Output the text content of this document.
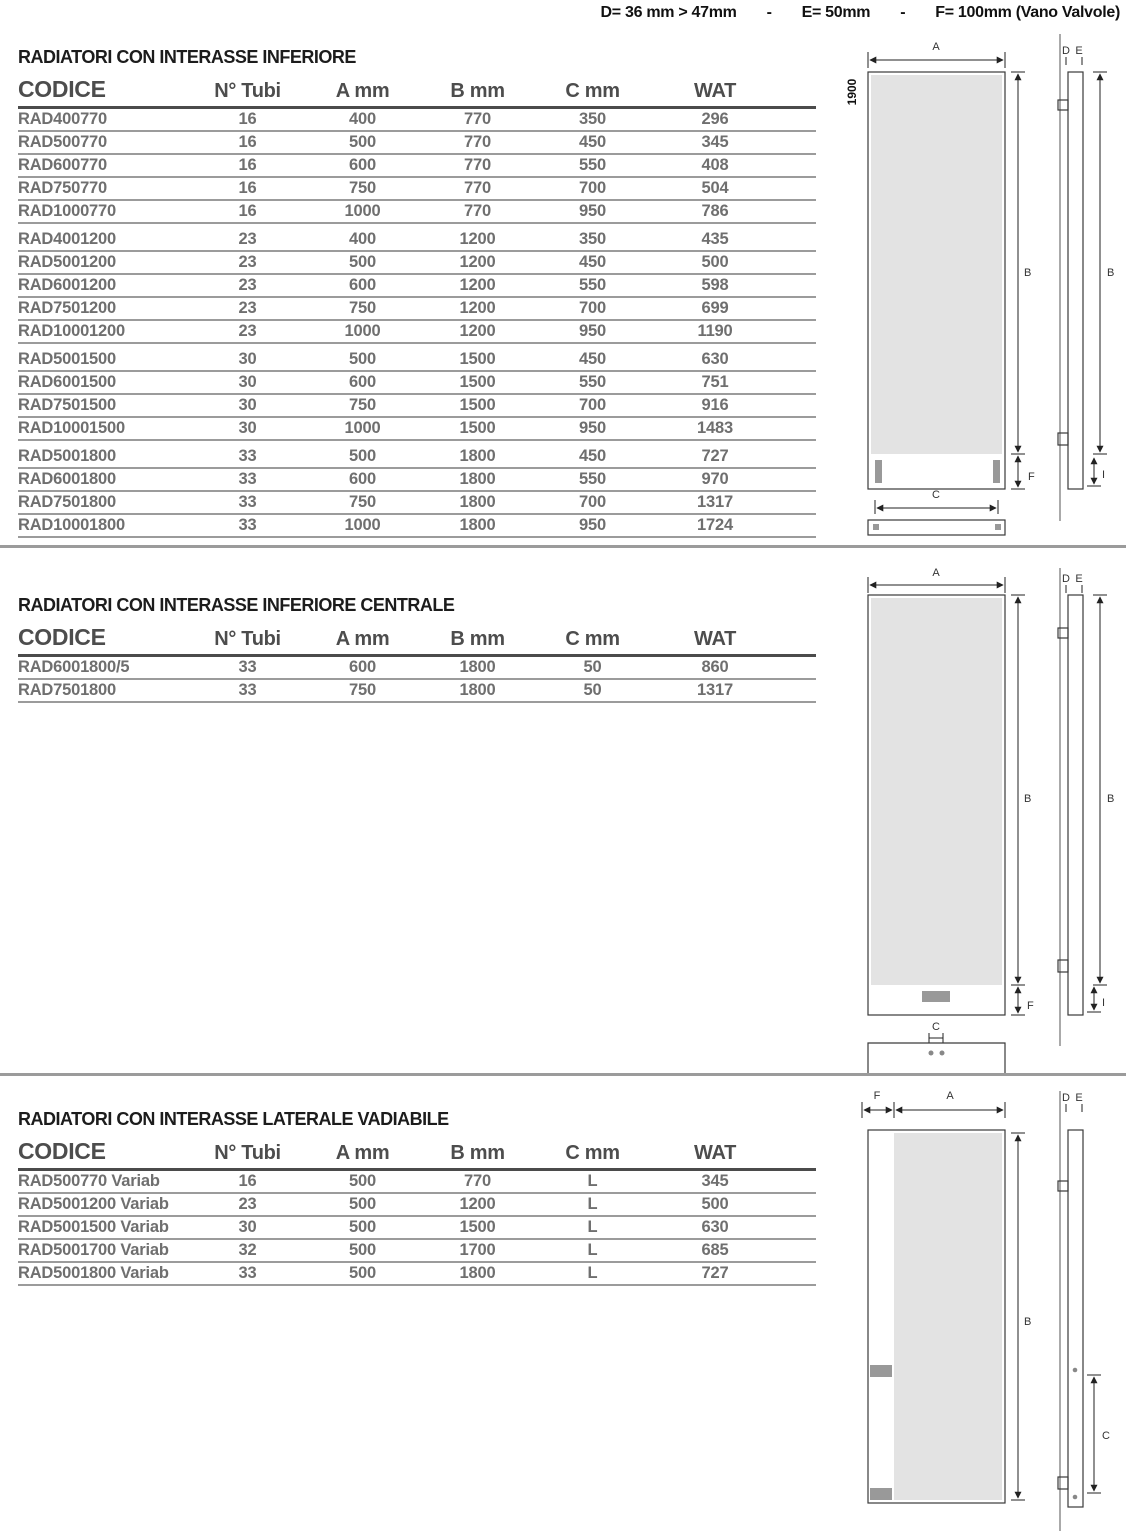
D= 36 mm > 47mm - E= 50mm - F= 100mm (Vano Valvole)
RADIATORI CON INTERASSE INFERIORE
CODICE	N° Tubi	A mm	B mm	C mm	WAT
RAD400770	16	400	770	350	296
RAD500770	16	500	770	450	345
RAD600770	16	600	770	550	408
RAD750770	16	750	770	700	504
RAD1000770	16	1000	770	950	786
RAD4001200	23	400	1200	350	435
RAD5001200	23	500	1200	450	500
RAD6001200	23	600	1200	550	598
RAD7501200	23	750	1200	700	699
RAD10001200	23	1000	1200	950	1190
RAD5001500	30	500	1500	450	630
RAD6001500	30	600	1500	550	751
RAD7501500	30	750	1500	700	916
RAD10001500	30	1000	1500	950	1483
RAD5001800	33	500	1800	450	727
RAD6001800	33	600	1800	550	970
RAD7501800	33	750	1800	700	1317
RAD10001800	33	1000	1800	950	1724
RADIATORI CON INTERASSE INFERIORE CENTRALE
CODICE	N° Tubi	A mm	B mm	C mm	WAT
RAD6001800/5	33	600	1800	50	860
RAD7501800	33	750	1800	50	1317
RADIATORI CON INTERASSE LATERALE VADIABILE
CODICE	N° Tubi	A mm	B mm	C mm	WAT
RAD500770 Variab	16	500	770	L	345
RAD5001200 Variab	23	500	1200	L	500
RAD5001500 Variab	30	500	1500	L	630
RAD5001700 Variab	32	500	1700	L	685
RAD5001800 Variab	33	500	1800	L	727
A
1900
B
F
C
D E
B
I
A
B
F
C
D E
B
I
F	A
B
D E
C
